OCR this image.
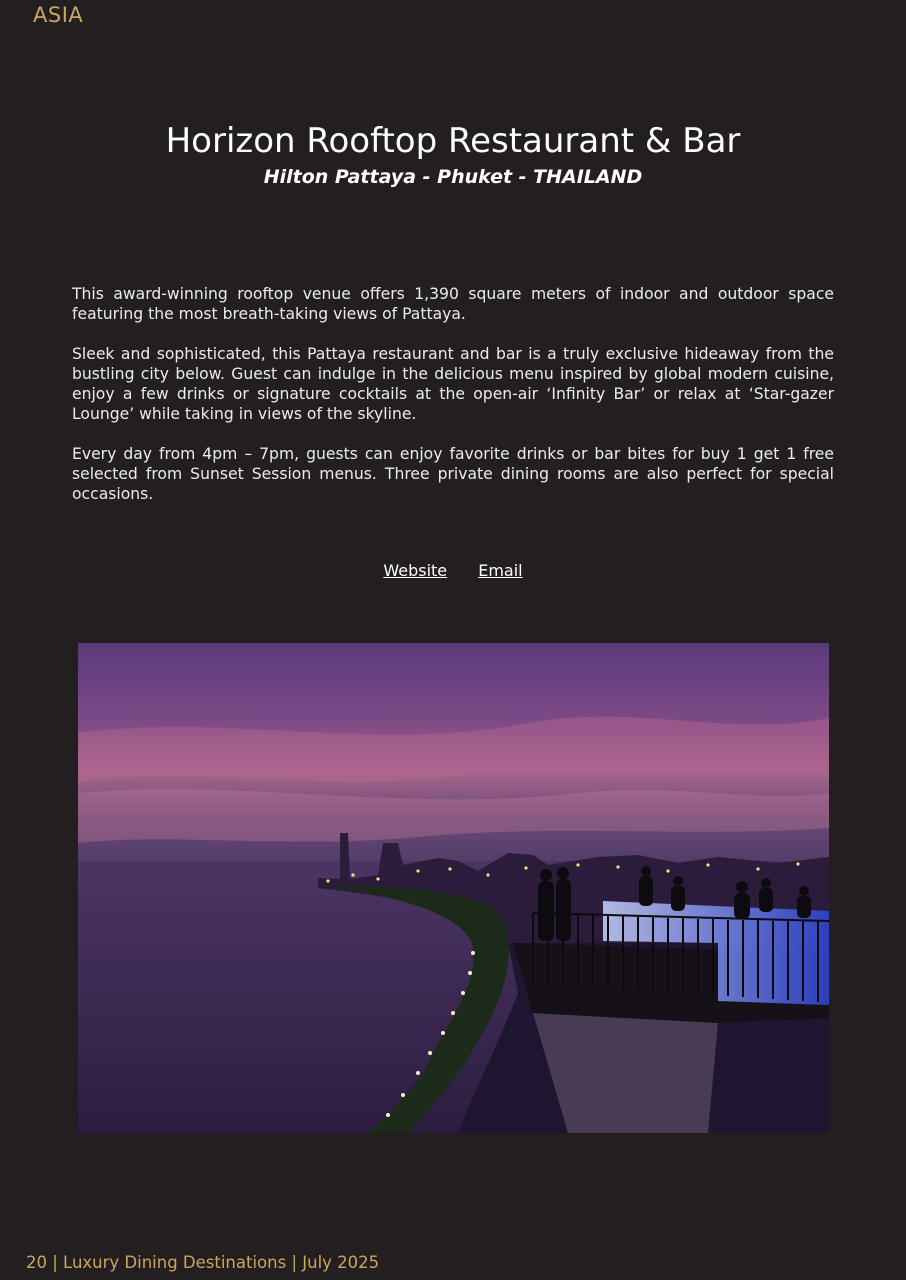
ASIA
Horizon Rooftop Restaurant & Bar
Hilton Pattaya - Phuket - THAILAND

This award-winning rooftop venue offers 1,390 square meters of indoor and outdoor space featuring the most breath-taking views of Pattaya.

Sleek and sophisticated, this Pattaya restaurant and bar is a truly exclusive hideaway from the bustling city below. Guest can indulge in the delicious menu inspired by global modern cuisine, enjoy a few drinks or signature cocktails at the open-air ‘Infinity Bar’ or relax at ‘Star-gazer Lounge’ while taking in views of the skyline.

Every day from 4pm – 7pm, guests can enjoy favorite drinks or bar bites for buy 1 get 1 free selected from Sunset Session menus. Three private dining rooms are also perfect for special occasions.

Website Email
20 | Luxury Dining Destinations | July 2025
